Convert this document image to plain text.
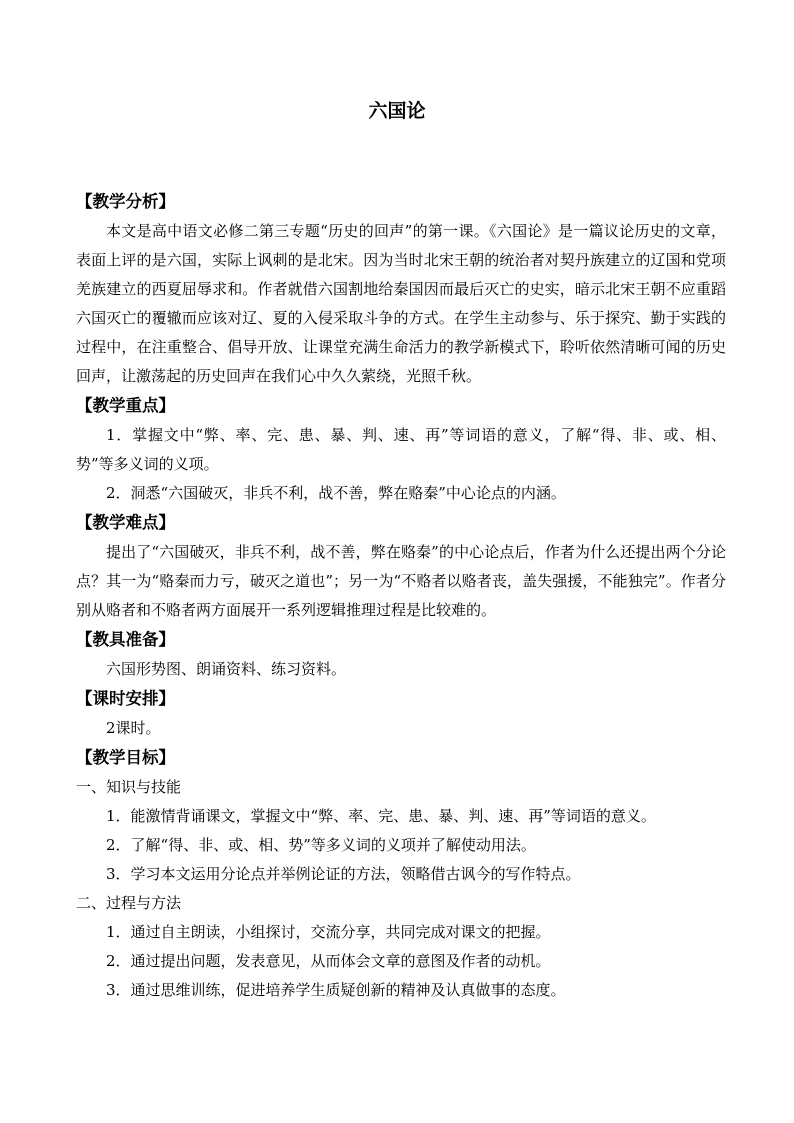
六国论

【教学分析】

本文是高中语文必修二第三专题“历史的回声”的第一课。《六国论》是一篇议论历史的文章，表面上评的是六国，实际上讽刺的是北宋。因为当时北宋王朝的统治者对契丹族建立的辽国和党项羌族建立的西夏屈辱求和。作者就借六国割地给秦国因而最后灭亡的史实，暗示北宋王朝不应重蹈六国灭亡的覆辙而应该对辽、夏的入侵采取斗争的方式。在学生主动参与、乐于探究、勤于实践的过程中，在注重整合、倡导开放、让课堂充满生命活力的教学新模式下，聆听依然清晰可闻的历史回声，让激荡起的历史回声在我们心中久久萦绕，光照千秋。

【教学重点】

1．掌握文中“弊、率、完、患、暴、判、速、再”等词语的意义，了解“得、非、或、相、势”等多义词的义项。

2．洞悉“六国破灭，非兵不利，战不善，弊在赂秦”中心论点的内涵。

【教学难点】

提出了“六国破灭，非兵不利，战不善，弊在赂秦”的中心论点后，作者为什么还提出两个分论点？其一为“赂秦而力亏，破灭之道也”；另一为“不赂者以赂者丧，盖失强援，不能独完”。作者分别从赂者和不赂者两方面展开一系列逻辑推理过程是比较难的。

【教具准备】

六国形势图、朗诵资料、练习资料。

【课时安排】

2课时。

【教学目标】

一、知识与技能

1．能激情背诵课文，掌握文中“弊、率、完、患、暴、判、速、再”等词语的意义。

2．了解“得、非、或、相、势”等多义词的义项并了解使动用法。

3．学习本文运用分论点并举例论证的方法，领略借古讽今的写作特点。

二、过程与方法

1．通过自主朗读，小组探讨，交流分享，共同完成对课文的把握。

2．通过提出问题，发表意见，从而体会文章的意图及作者的动机。

3．通过思维训练，促进培养学生质疑创新的精神及认真做事的态度。
